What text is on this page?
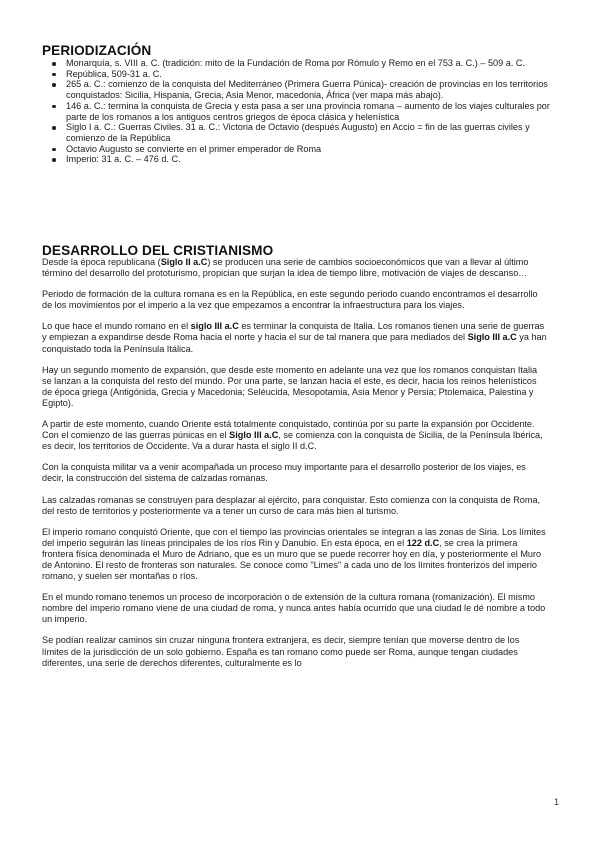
PERIODIZACIÓN
Monarquía, s. VIII a. C. (tradición: mito de la Fundación de Roma por Rómulo y Remo en el 753 a. C.) – 509 a. C.
República, 509-31 a. C.
265 a. C.: comienzo de la conquista del Mediterráneo (Primera Guerra Púnica)- creación de provincias en los territorios conquistados: Sicilia, Hispania, Grecia, Asia Menor, macedonia, África (ver mapa más abajo).
146 a. C.: termina la conquista de Grecia y esta pasa a ser una provincia romana – aumento de los viajes culturales por parte de los romanos a los antiguos centros griegos de época clásica y helenística
Siglo I a. C.: Guerras Civiles. 31 a. C.: Victoria de Octavio (después Augusto) en Accio = fin de las guerras civiles y comienzo de la República
Octavio Augusto se convierte en el primer emperador de Roma
Imperio: 31 a. C. – 476 d. C.
DESARROLLO DEL CRISTIANISMO

Desde la época republicana (Siglo II a.C) se producen una serie de cambios socioeconómicos que van a llevar al último término del desarrollo del prototurismo, propician que surjan la idea de tiempo libre, motivación de viajes de descanso…

Periodo de formación de la cultura romana es en la República, en este segundo periodo cuando encontramos el desarrollo de los movimientos por el imperio a la vez que empezamos a encontrar la infraestructura para los viajes.

Lo que hace el mundo romano en el siglo III a.C es terminar la conquista de Italia. Los romanos tienen una serie de guerras y empiezan a expandirse desde Roma hacia el norte y hacia el sur de tal manera que para mediados del Siglo III a.C ya han conquistado toda la Península Itálica.

Hay un segundo momento de expansión, que desde este momento en adelante una vez que los romanos conquistan Italia se lanzan a la conquista del resto del mundo. Por una parte, se lanzan hacia el este, es decir, hacia los reinos helenísticos de época griega (Antigónida, Grecia y Macedonia; Seléucida, Mesopotamia, Asia Menor y Persia; Ptolemaica, Palestina y Egipto).

A partir de este momento, cuando Oriente está totalmente conquistado, continúa por su parte la expansión por Occidente. Con el comienzo de las guerras púnicas en el Siglo III a.C, se comienza con la conquista de Sicilia, de la Península Ibérica, es decir, los territorios de Occidente. Va a durar hasta el siglo II d.C.

Con la conquista militar va a venir acompañada un proceso muy importante para el desarrollo posterior de los viajes, es decir, la construcción del sistema de calzadas romanas.

Las calzadas romanas se construyen para desplazar al ejército, para conquistar. Esto comienza con la conquista de Roma, del resto de territorios y posteriormente va a tener un curso de cara más bien al turismo.

El imperio romano conquistó Oriente, que con el tiempo las provincias orientales se integran a las zonas de Siria. Los límites del imperio seguirán las líneas principales de los ríos Rin y Danubio. En esta época, en el 122 d.C, se crea la primera frontera física denominada el Muro de Adriano, que es un muro que se puede recorrer hoy en día, y posteriormente el Muro de Antonino. El resto de fronteras son naturales. Se conoce como "Limes" a cada uno de los límites fronterizos del imperio romano, y suelen ser montañas o ríos.

En el mundo romano tenemos un proceso de incorporación o de extensión de la cultura romana (romanización). El mismo nombre del imperio romano viene de una ciudad de roma, y nunca antes había ocurrido que una ciudad le dé nombre a todo un imperio.

Se podían realizar caminos sin cruzar ninguna frontera extranjera, es decir, siempre tenían que moverse dentro de los límites de la jurisdicción de un solo gobierno. España es tan romano como puede ser Roma, aunque tengan ciudades diferentes, una serie de derechos diferentes, culturalmente es lo

1
